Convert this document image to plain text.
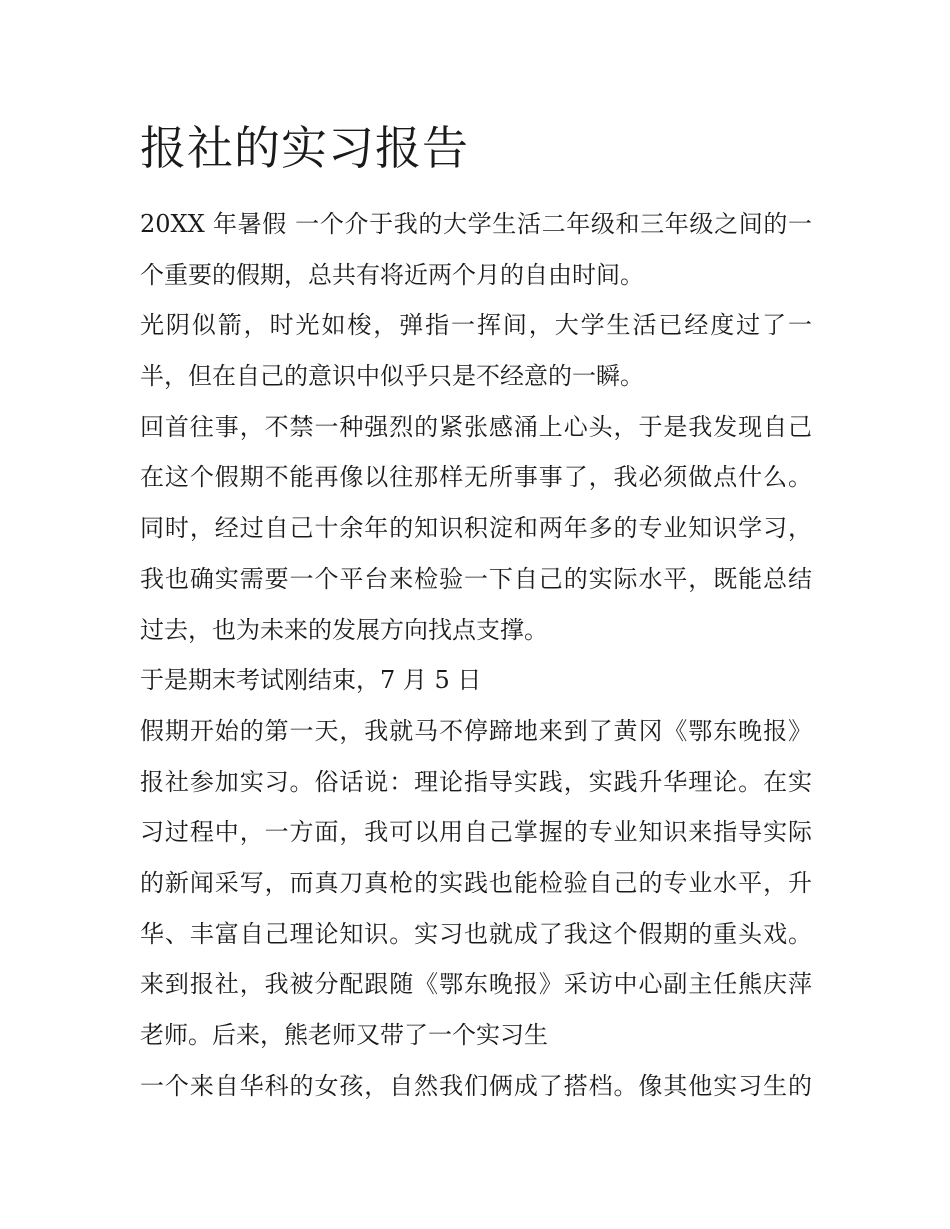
报社的实习报告
20XX 年暑假 一个介于我的大学生活二年级和三年级之间的一
个重要的假期，总共有将近两个月的自由时间。
光阴似箭，时光如梭，弹指一挥间，大学生活已经度过了一
半，但在自己的意识中似乎只是不经意的一瞬。
回首往事，不禁一种强烈的紧张感涌上心头，于是我发现自己
在这个假期不能再像以往那样无所事事了，我必须做点什么。
同时，经过自己十余年的知识积淀和两年多的专业知识学习，
我也确实需要一个平台来检验一下自己的实际水平，既能总结
过去，也为未来的发展方向找点支撑。
于是期末考试刚结束，7 月 5 日
假期开始的第一天，我就马不停蹄地来到了黄冈《鄂东晚报》
报社参加实习。俗话说：理论指导实践，实践升华理论。在实
习过程中，一方面，我可以用自己掌握的专业知识来指导实际
的新闻采写，而真刀真枪的实践也能检验自己的专业水平，升
华、丰富自己理论知识。实习也就成了我这个假期的重头戏。
来到报社，我被分配跟随《鄂东晚报》采访中心副主任熊庆萍
老师。后来，熊老师又带了一个实习生
一个来自华科的女孩，自然我们俩成了搭档。像其他实习生的
